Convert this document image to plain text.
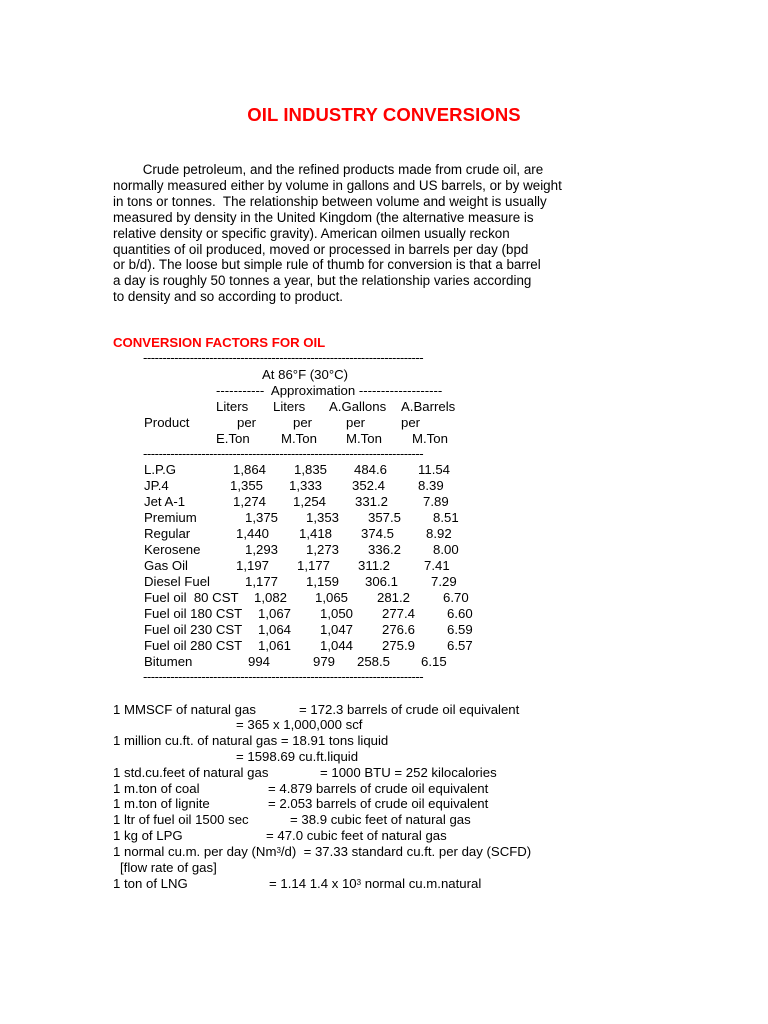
OIL INDUSTRY CONVERSIONS
Crude petroleum, and the refined products made from crude oil, are
normally measured either by volume in gallons and US barrels, or by weight
in tons or tonnes.  The relationship between volume and weight is usually
measured by density in the United Kingdom (the alternative measure is
relative density or specific gravity). American oilmen usually reckon
quantities of oil produced, moved or processed in barrels per day (bpd
or b/d). The loose but simple rule of thumb for conversion is that a barrel
a day is roughly 50 tonnes a year, but the relationship varies according
to density and so according to product.
CONVERSION FACTORS FOR OIL
------------------------------------------------------------------------
At 86°F (30°C)
-----------  Approximation -------------------
Liters Liters A.Gallons A.Barrels
Product	per	per	per	per
E.Ton M.Ton M.Ton M.Ton
------------------------------------------------------------------------
L.P.G	1,864 1,835 484.6 11.54
JP.4	1,355 1,333 352.4 8.39
Jet A-1	1,274 1,254 331.2	7.89
Premium	1,375 1,353 357.5 8.51
Regular	1,440 1,418 374.5 8.92
Kerosene	1,293 1,273 336.2 8.00
Gas Oil	1,197 1,177 311.2	7.41
Diesel Fuel	1,177 1,159 306.1 7.29
Fuel oil  80 CST 1,082 1,065 281.2 6.70
Fuel oil 180 CST 1,067 1,050 277.4 6.60
Fuel oil 230 CST 1,064 1,047 276.6 6.59
Fuel oil 280 CST 1,061 1,044 275.9 6.57
Bitumen	994	979 258.5 6.15
------------------------------------------------------------------------
1 MMSCF of natural gas	= 172.3 barrels of crude oil equivalent
= 365 x 1,000,000 scf
1 million cu.ft. of natural gas = 18.91 tons liquid
= 1598.69 cu.ft.liquid
1 std.cu.feet of natural gas	= 1000 BTU = 252 kilocalories
1 m.ton of coal	= 4.879 barrels of crude oil equivalent
1 m.ton of lignite	= 2.053 barrels of crude oil equivalent
1 ltr of fuel oil 1500 sec	= 38.9 cubic feet of natural gas
1 kg of LPG	= 47.0 cubic feet of natural gas
1 normal cu.m. per day (Nm$^3$/d)  = 37.33 standard cu.ft. per day (SCFD)
[flow rate of gas]
1 ton of LNG	= 1.14 1.4 x $10^3$ normal cu.m.natural
